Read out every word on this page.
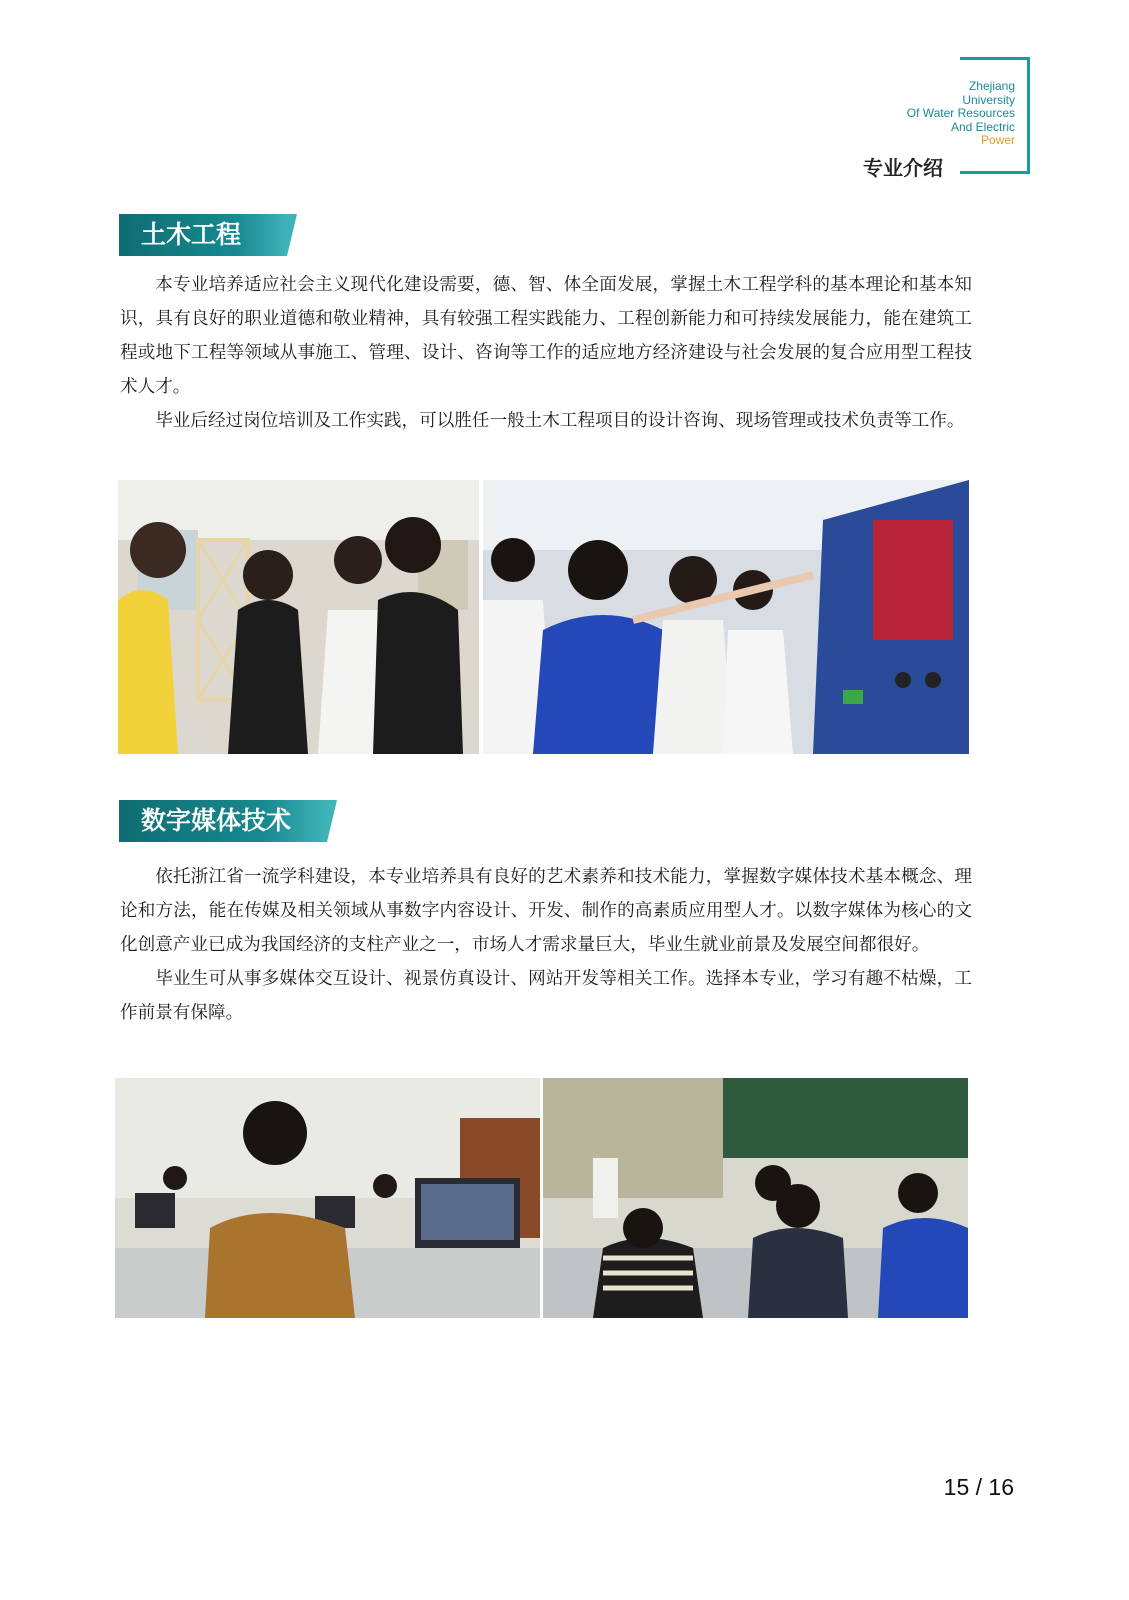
Zhejiang
University
Of Water Resources
And Electric
Power
专业介绍
土木工程

本专业培养适应社会主义现代化建设需要，德、智、体全面发展，掌握土木工程学科的基本理论和基本知识，具有良好的职业道德和敬业精神，具有较强工程实践能力、工程创新能力和可持续发展能力，能在建筑工程或地下工程等领域从事施工、管理、设计、咨询等工作的适应地方经济建设与社会发展的复合应用型工程技术人才。

毕业后经过岗位培训及工作实践，可以胜任一般土木工程项目的设计咨询、现场管理或技术负责等工作。

数字媒体技术

依托浙江省一流学科建设，本专业培养具有良好的艺术素养和技术能力，掌握数字媒体技术基本概念、理论和方法，能在传媒及相关领域从事数字内容设计、开发、制作的高素质应用型人才。以数字媒体为核心的文化创意产业已成为我国经济的支柱产业之一，市场人才需求量巨大，毕业生就业前景及发展空间都很好。

毕业生可从事多媒体交互设计、视景仿真设计、网站开发等相关工作。选择本专业，学习有趣不枯燥，工作前景有保障。

15 / 16
